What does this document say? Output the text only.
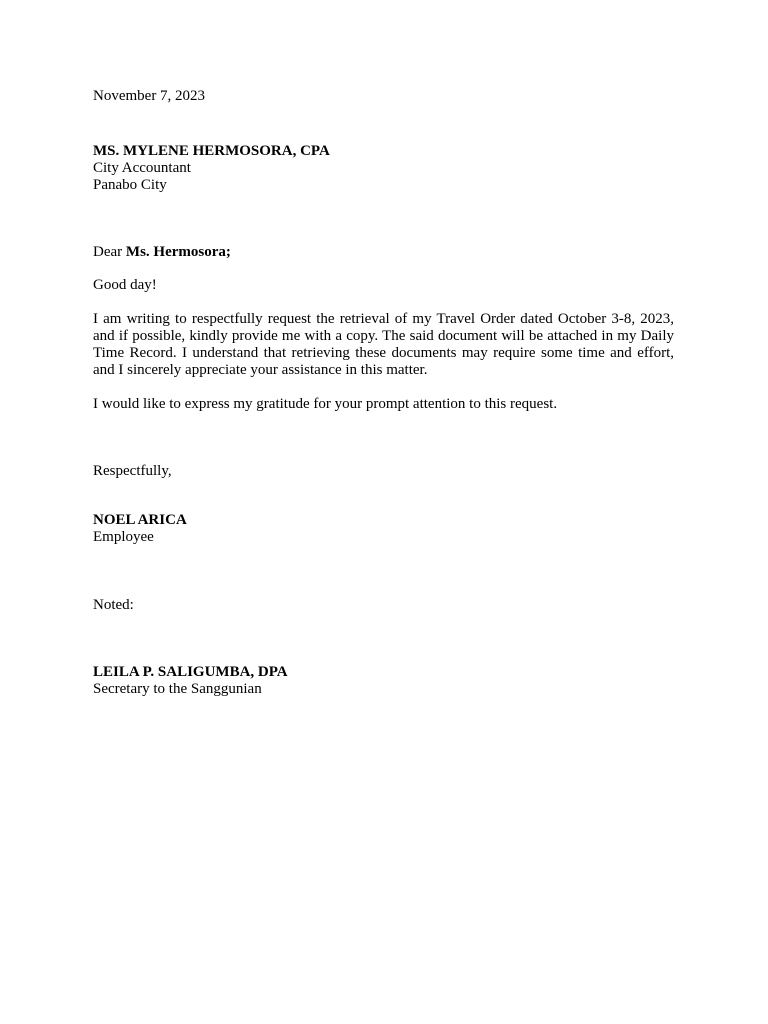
November 7, 2023
MS. MYLENE HERMOSORA, CPA
City Accountant
Panabo City
Dear Ms. Hermosora;
Good day!
I am writing to respectfully request the retrieval of my Travel Order dated October 3-8, 2023, and if possible, kindly provide me with a copy. The said document will be attached in my Daily Time Record. I understand that retrieving these documents may require some time and effort, and I sincerely appreciate your assistance in this matter.
I would like to express my gratitude for your prompt attention to this request.
Respectfully,
NOEL ARICA
Employee
Noted:
LEILA P. SALIGUMBA, DPA
Secretary to the Sanggunian
